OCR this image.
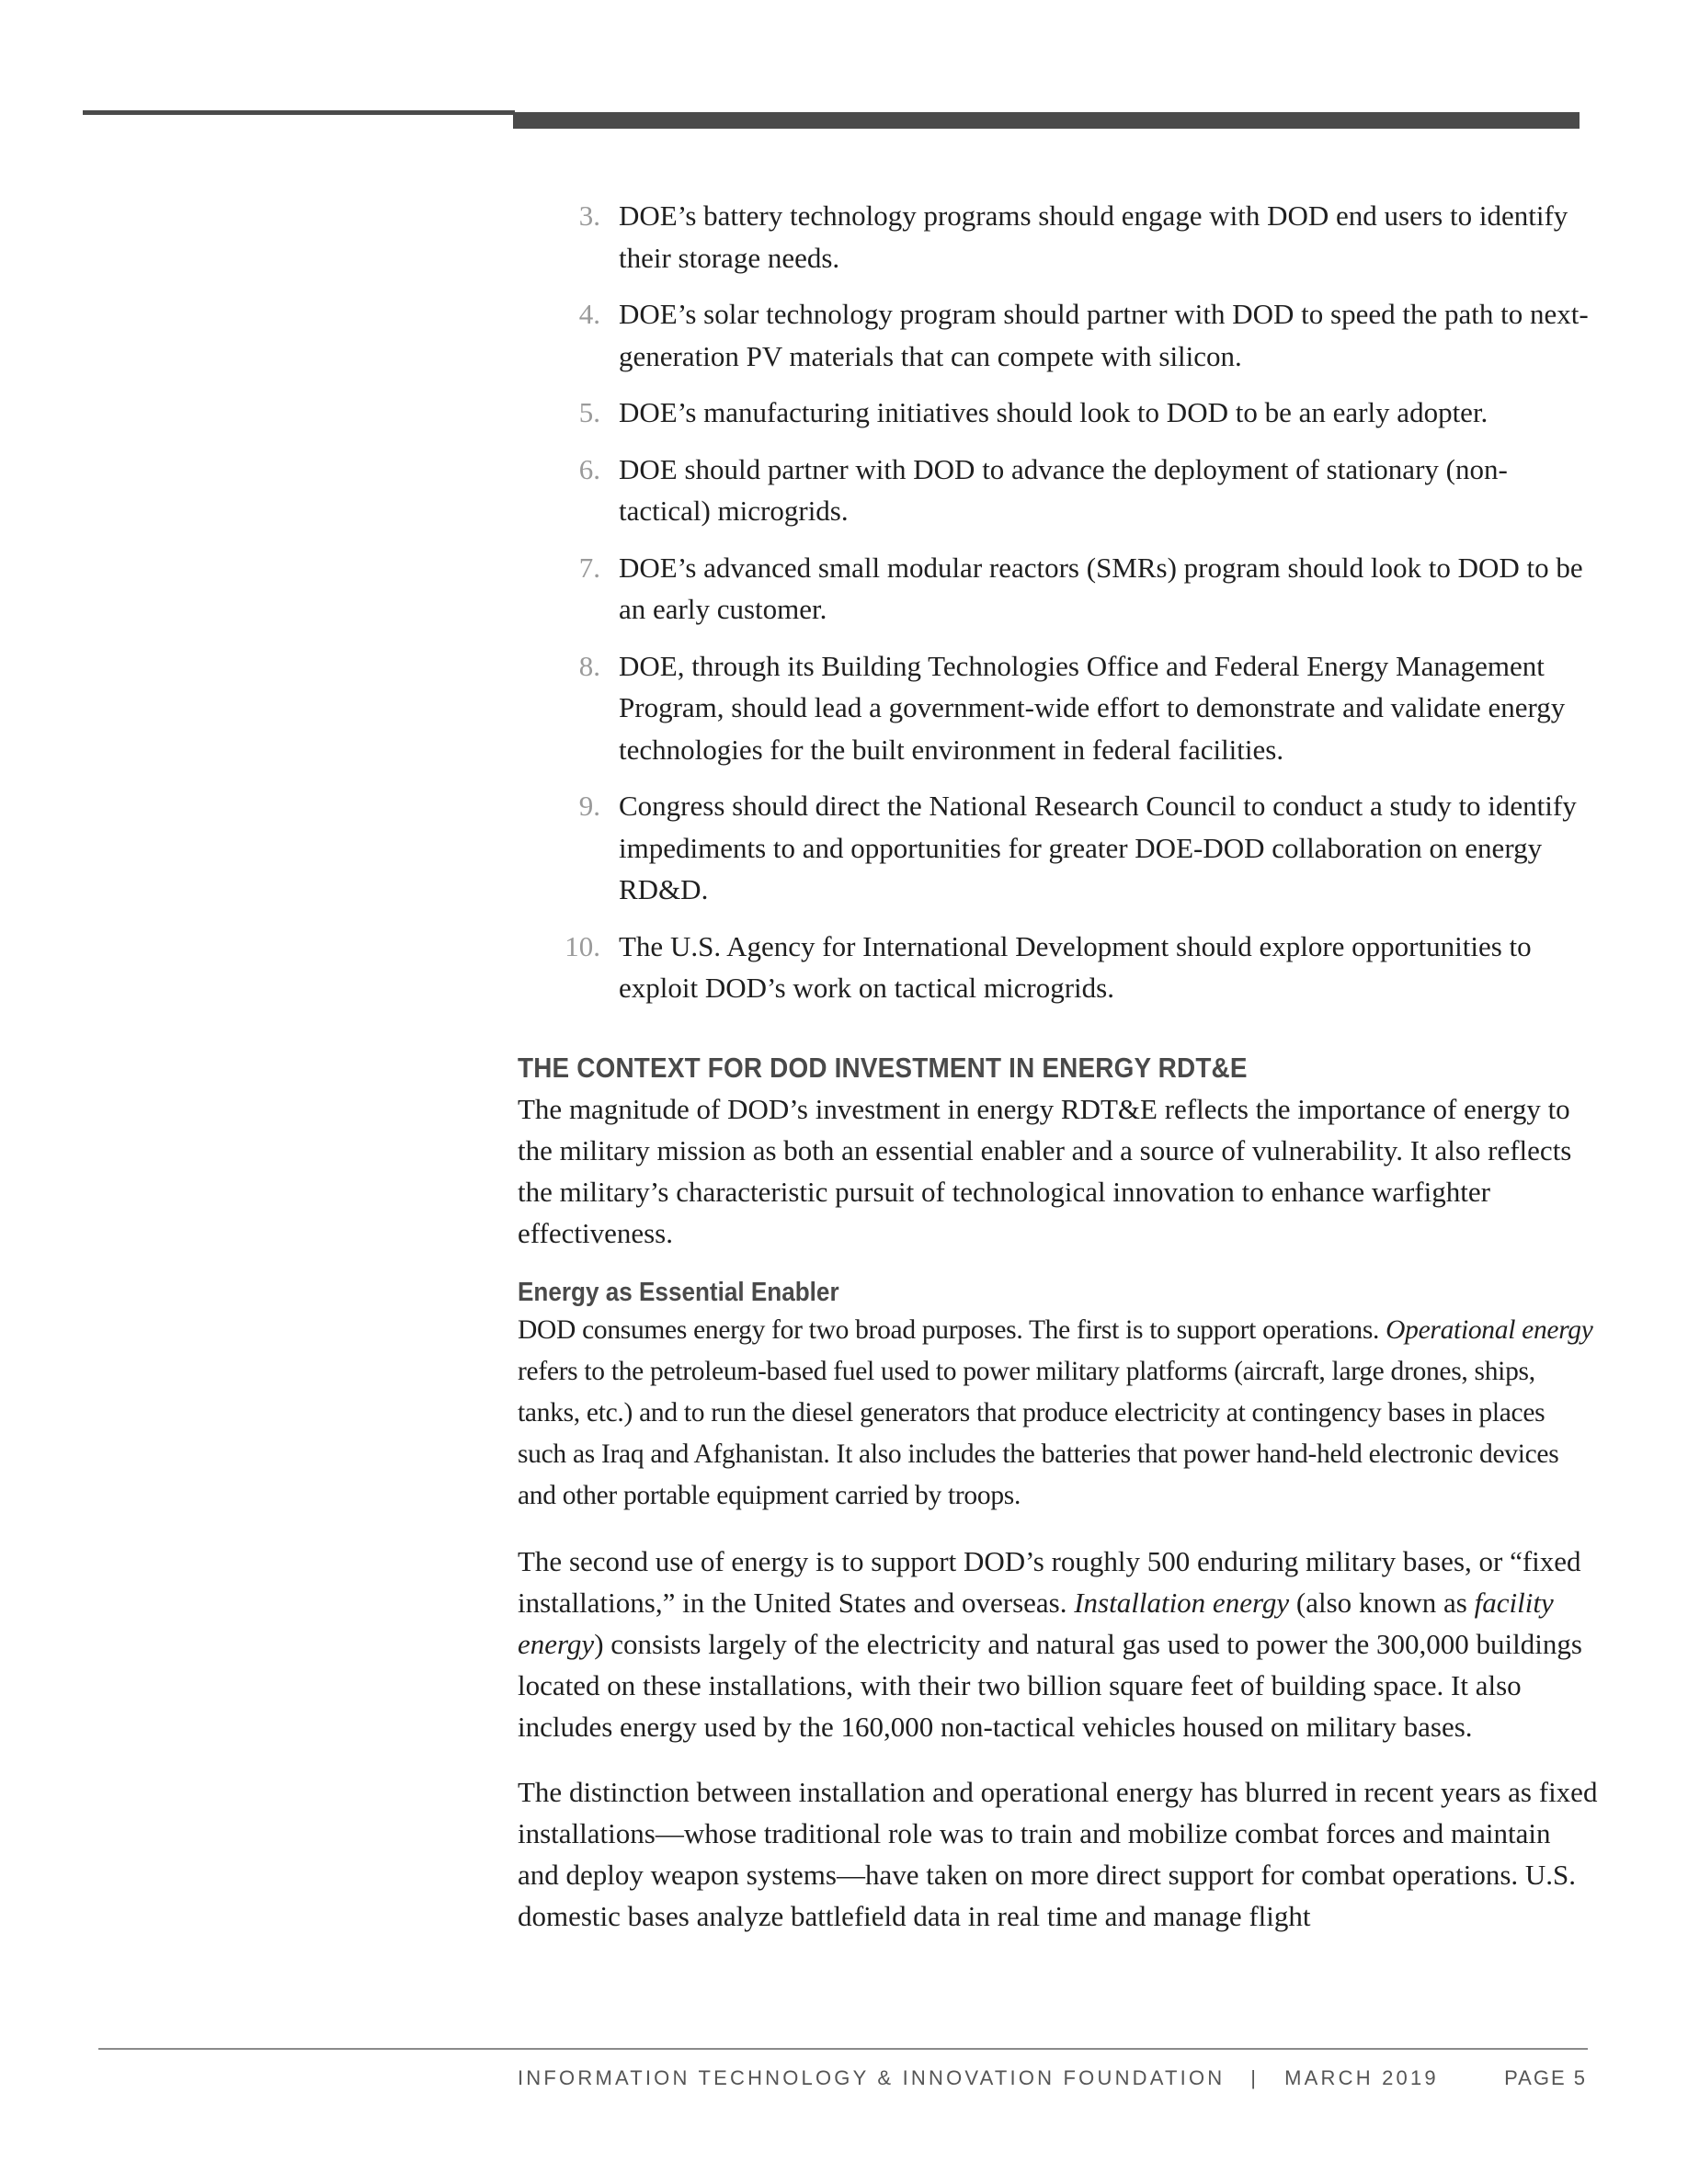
3. DOE’s battery technology programs should engage with DOD end users to identify their storage needs.
4. DOE’s solar technology program should partner with DOD to speed the path to next-generation PV materials that can compete with silicon.
5. DOE’s manufacturing initiatives should look to DOD to be an early adopter.
6. DOE should partner with DOD to advance the deployment of stationary (non-tactical) microgrids.
7. DOE’s advanced small modular reactors (SMRs) program should look to DOD to be an early customer.
8. DOE, through its Building Technologies Office and Federal Energy Management Program, should lead a government-wide effort to demonstrate and validate energy technologies for the built environment in federal facilities.
9. Congress should direct the National Research Council to conduct a study to identify impediments to and opportunities for greater DOE-DOD collaboration on energy RD&D.
10. The U.S. Agency for International Development should explore opportunities to exploit DOD’s work on tactical microgrids.
THE CONTEXT FOR DOD INVESTMENT IN ENERGY RDT&E

The magnitude of DOD’s investment in energy RDT&E reflects the importance of energy to the military mission as both an essential enabler and a source of vulnerability. It also reflects the military’s characteristic pursuit of technological innovation to enhance warfighter effectiveness.

Energy as Essential Enabler

DOD consumes energy for two broad purposes. The first is to support operations. Operational energy refers to the petroleum-based fuel used to power military platforms (aircraft, large drones, ships, tanks, etc.) and to run the diesel generators that produce electricity at contingency bases in places such as Iraq and Afghanistan. It also includes the batteries that power hand-held electronic devices and other portable equipment carried by troops.

The second use of energy is to support DOD’s roughly 500 enduring military bases, or “fixed installations,” in the United States and overseas. Installation energy (also known as facility energy) consists largely of the electricity and natural gas used to power the 300,000 buildings located on these installations, with their two billion square feet of building space. It also includes energy used by the 160,000 non-tactical vehicles housed on military bases.

The distinction between installation and operational energy has blurred in recent years as fixed installations—whose traditional role was to train and mobilize combat forces and maintain and deploy weapon systems—have taken on more direct support for combat operations. U.S. domestic bases analyze battlefield data in real time and manage flight

INFORMATION TECHNOLOGY & INNOVATION FOUNDATION   |   MARCH 2019	PAGE 5
